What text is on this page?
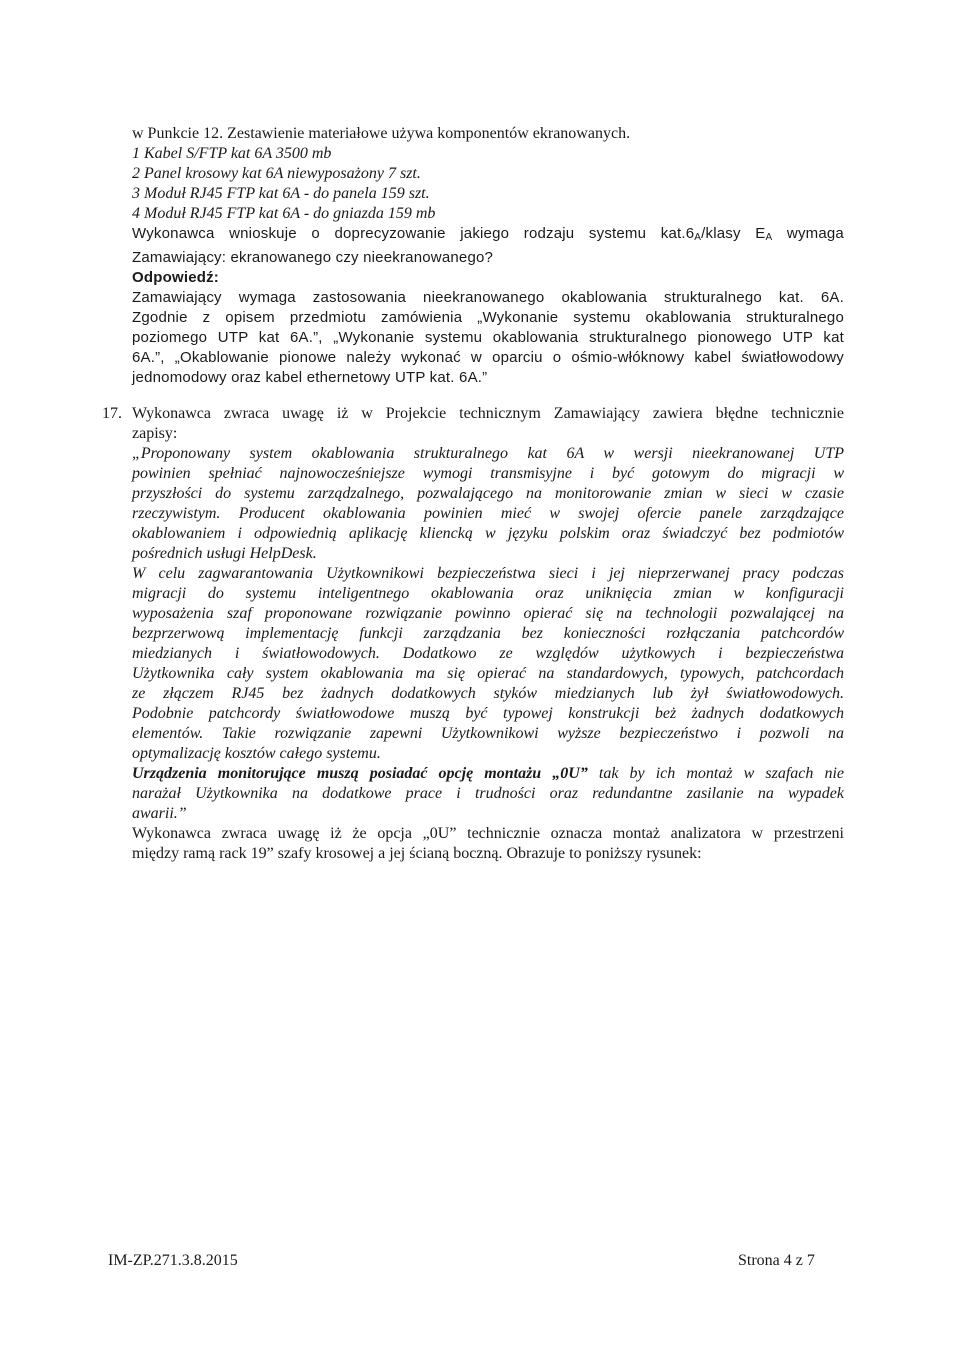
w Punkcie 12. Zestawienie materiałowe używa komponentów ekranowanych.
1 Kabel S/FTP kat 6A 3500 mb
2 Panel krosowy kat 6A niewyposażony 7 szt.
3 Moduł RJ45 FTP kat 6A - do panela 159 szt.
4 Moduł RJ45 FTP kat 6A - do gniazda 159 mb
Wykonawca wnioskuje o doprecyzowanie jakiego rodzaju systemu $kat.6_A$/klasy $E_A$ wymaga
Zamawiający: ekranowanego czy nieekranowanego?
Odpowiedź:
Zamawiający wymaga zastosowania nieekranowanego okablowania strukturalnego kat. 6A.
Zgodnie z opisem przedmiotu zamówienia „Wykonanie systemu okablowania strukturalnego
poziomego UTP kat 6A.”, „Wykonanie systemu okablowania strukturalnego pionowego UTP kat
6A.”, „Okablowanie pionowe należy wykonać w oparciu o ośmio-włóknowy kabel światłowodowy
jednomodowy oraz kabel ethernetowy UTP kat. 6A.”
17. Wykonawca zwraca uwagę iż w Projekcie technicznym Zamawiający zawiera błędne technicznie
zapisy:
„Proponowany system okablowania strukturalnego kat 6A w wersji nieekranowanej UTP
powinien spełniać najnowocześniejsze wymogi transmisyjne i być gotowym do migracji w
przyszłości do systemu zarządzalnego, pozwalającego na monitorowanie zmian w sieci w czasie
rzeczywistym. Producent okablowania powinien mieć w swojej ofercie panele zarządzające
okablowaniem i odpowiednią aplikację kliencką w języku polskim oraz świadczyć bez podmiotów
pośrednich usługi HelpDesk.
W celu zagwarantowania Użytkownikowi bezpieczeństwa sieci i jej nieprzerwanej pracy podczas
migracji do systemu inteligentnego okablowania oraz uniknięcia zmian w konfiguracji
wyposażenia szaf proponowane rozwiązanie powinno opierać się na technologii pozwalającej na
bezprzerwową implementację funkcji zarządzania bez konieczności rozłączania patchcordów
miedzianych i światłowodowych. Dodatkowo ze względów użytkowych i bezpieczeństwa
Użytkownika cały system okablowania ma się opierać na standardowych, typowych, patchcordach
ze złączem RJ45 bez żadnych dodatkowych styków miedzianych lub żył światłowodowych.
Podobnie patchcordy światłowodowe muszą być typowej konstrukcji beż żadnych dodatkowych
elementów. Takie rozwiązanie zapewni Użytkownikowi wyższe bezpieczeństwo i pozwoli na
optymalizację kosztów całego systemu.
Urządzenia monitorujące muszą posiadać opcję montażu „0U” tak by ich montaż w szafach nie
narażał Użytkownika na dodatkowe prace i trudności oraz redundantne zasilanie na wypadek
awarii.”
Wykonawca zwraca uwagę iż że opcja „0U” technicznie oznacza montaż analizatora w przestrzeni
między ramą rack 19” szafy krosowej a jej ścianą boczną. Obrazuje to poniższy rysunek:
IM-ZP.271.3.8.2015	Strona 4 z 7
